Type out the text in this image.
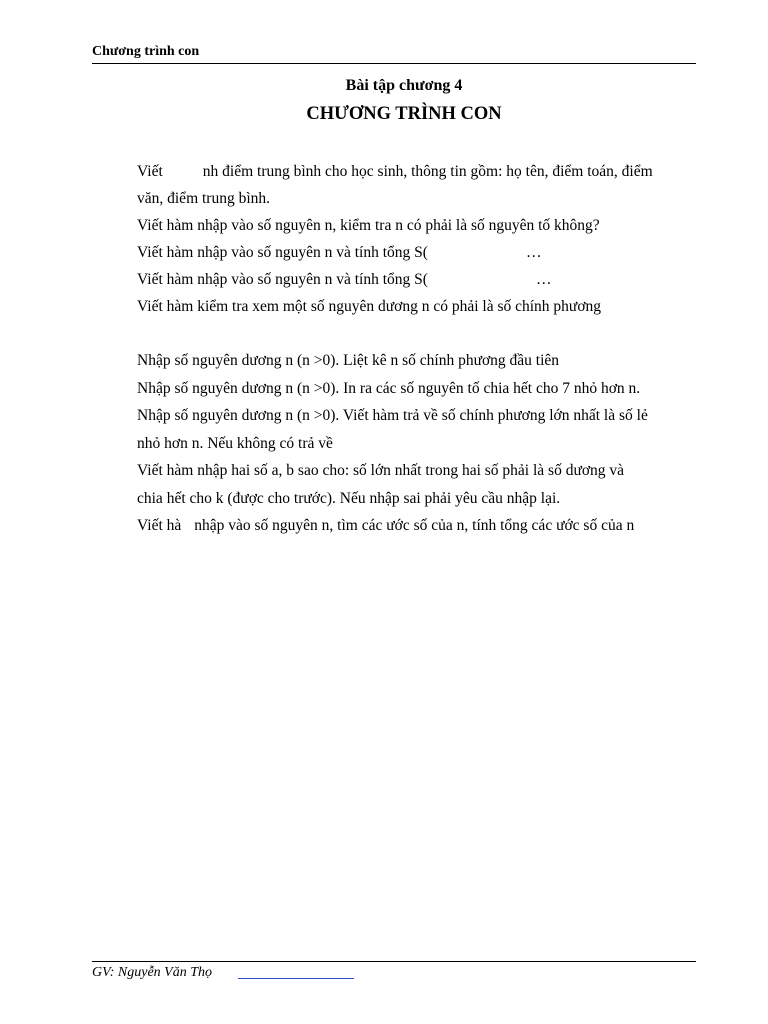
Chương trình con
Bài tập chương 4
CHƯƠNG TRÌNH CON
Viết	nh điểm trung bình cho học sinh, thông tin gồm: họ tên, điểm toán, điểm
văn, điểm trung bình.
Viết hàm nhập vào số nguyên n, kiểm tra n có phải là số nguyên tố không?
Viết hàm nhập vào số nguyên n và tính tổng S(	…
Viết hàm nhập vào số nguyên n và tính tổng S(	…
Viết hàm kiểm tra xem một số nguyên dương n có phải là số chính phương
Nhập số nguyên dương n (n >0). Liệt kê n số chính phương đầu tiên
Nhập số nguyên dương n (n >0). In ra các số nguyên tố chia hết cho 7 nhỏ hơn n.
Nhập số nguyên dương n (n >0). Viết hàm trả về số chính phương lớn nhất là số lẻ
nhỏ hơn n. Nếu không có trả về
Viết hàm nhập hai số a, b sao cho: số lớn nhất trong hai số phải là số dương và
chia hết cho k (được cho trước). Nếu nhập sai phải yêu cầu nhập lại.
Viết hà nhập vào số nguyên n, tìm các ước số của n, tính tổng các ước số của n
GV: Nguyễn Văn Thọ
